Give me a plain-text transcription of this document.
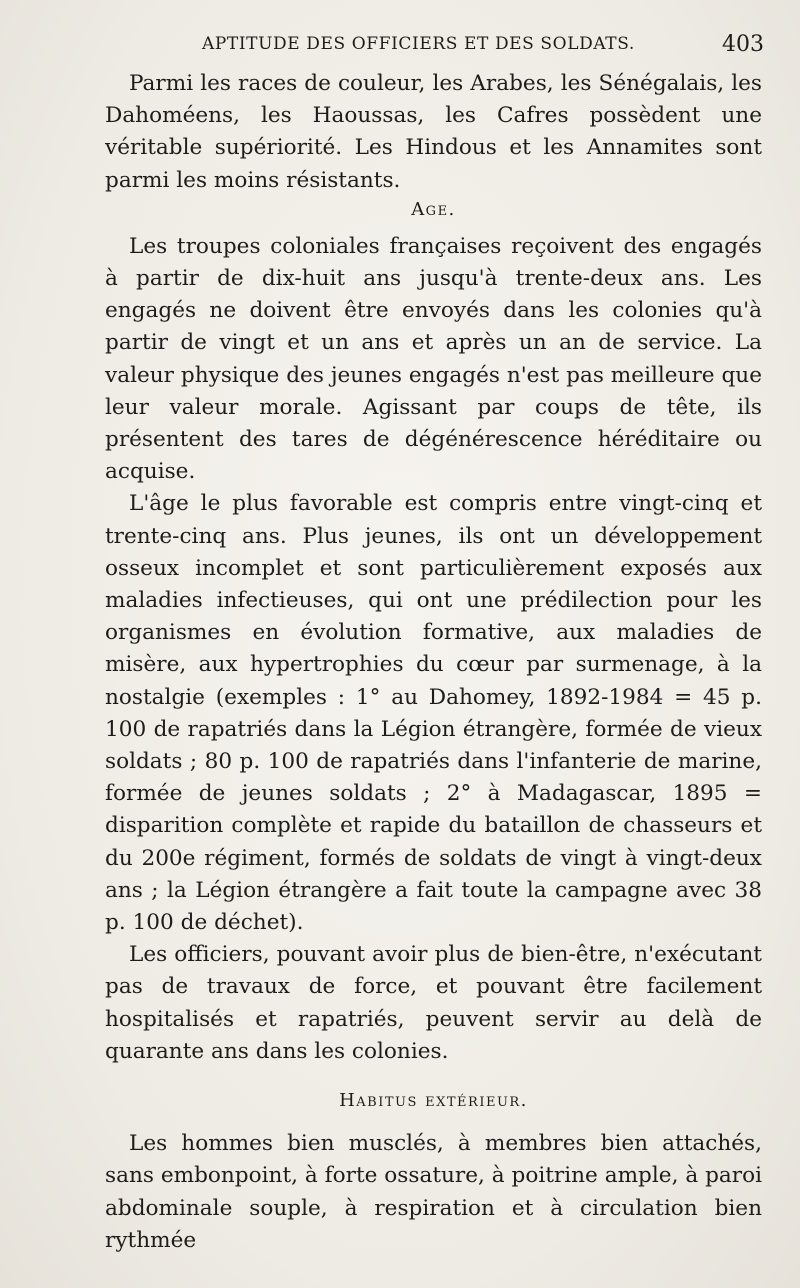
APTITUDE DES OFFICIERS ET DES SOLDATS.	403

Parmi les races de couleur, les Arabes, les Sénégalais, les Dahoméens, les Haoussas, les Cafres possèdent une véritable supériorité. Les Hindous et les Annamites sont parmi les moins résistants.

Age.

Les troupes coloniales françaises reçoivent des engagés à partir de dix-huit ans jusqu'à trente-deux ans. Les engagés ne doivent être envoyés dans les colonies qu'à partir de vingt et un ans et après un an de service. La valeur physique des jeunes engagés n'est pas meilleure que leur valeur morale. Agissant par coups de tête, ils présentent des tares de dégénérescence héréditaire ou acquise.

L'âge le plus favorable est compris entre vingt-cinq et trente-cinq ans. Plus jeunes, ils ont un développement osseux incomplet et sont particulièrement exposés aux maladies infectieuses, qui ont une prédilection pour les organismes en évolution formative, aux maladies de misère, aux hypertrophies du cœur par surmenage, à la nostalgie (exemples : 1° au Dahomey, 1892-1984 = 45 p. 100 de rapatriés dans la Légion étrangère, formée de vieux soldats ; 80 p. 100 de rapatriés dans l'infanterie de marine, formée de jeunes soldats ; 2° à Madagascar, 1895 = disparition complète et rapide du bataillon de chasseurs et du 200e régiment, formés de soldats de vingt à vingt-deux ans ; la Légion étrangère a fait toute la campagne avec 38 p. 100 de déchet).

Les officiers, pouvant avoir plus de bien-être, n'exécutant pas de travaux de force, et pouvant être facilement hospitalisés et rapatriés, peuvent servir au delà de quarante ans dans les colonies.

Habitus extérieur.

Les hommes bien musclés, à membres bien attachés, sans embonpoint, à forte ossature, à poitrine ample, à paroi abdominale souple, à respiration et à circulation bien rythmée
